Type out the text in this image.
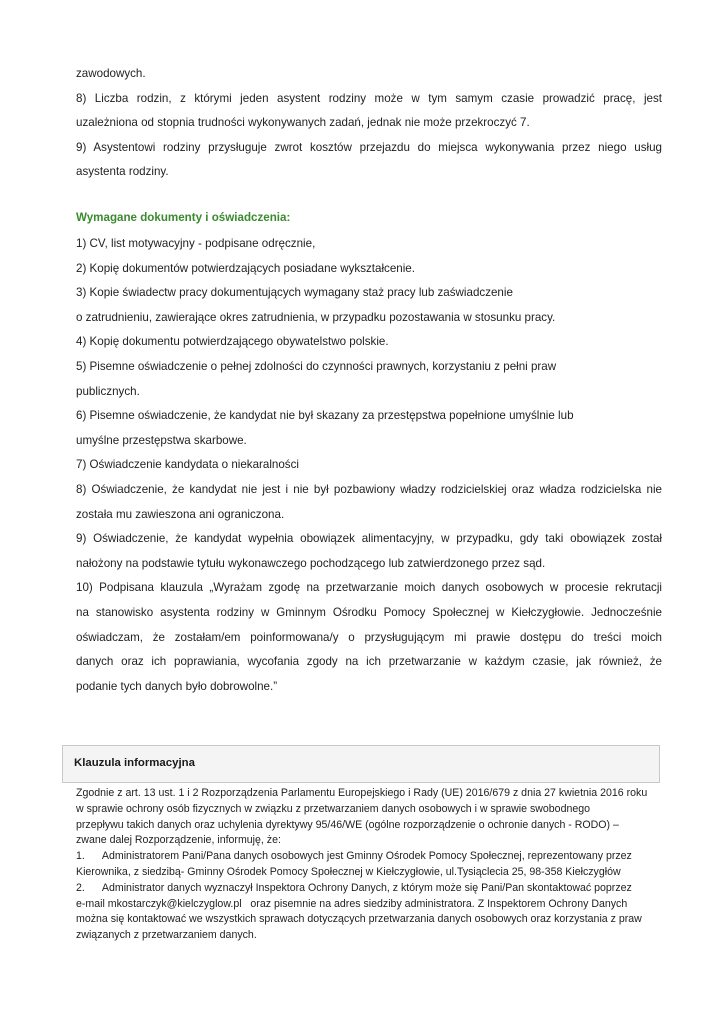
zawodowych.

8) Liczba rodzin, z którymi jeden asystent rodziny może w tym samym czasie prowadzić pracę, jest

uzależniona od stopnia trudności wykonywanych zadań, jednak nie może przekroczyć 7.

9) Asystentowi rodziny przysługuje zwrot kosztów przejazdu do miejsca wykonywania przez niego usług

asystenta rodziny.

Wymagane dokumenty i oświadczenia:

1) CV, list motywacyjny - podpisane odręcznie,

2) Kopię dokumentów potwierdzających posiadane wykształcenie.

3) Kopie świadectw pracy dokumentujących wymagany staż pracy lub zaświadczenie

o zatrudnieniu, zawierające okres zatrudnienia, w przypadku pozostawania w stosunku pracy.

4) Kopię dokumentu potwierdzającego obywatelstwo polskie.

5) Pisemne oświadczenie o pełnej zdolności do czynności prawnych, korzystaniu z pełni praw

publicznych.

6) Pisemne oświadczenie, że kandydat nie był skazany za przestępstwa popełnione umyślnie lub

umyślne przestępstwa skarbowe.

7) Oświadczenie kandydata o niekaralności

8) Oświadczenie, że kandydat nie jest i nie był pozbawiony władzy rodzicielskiej oraz władza rodzicielska nie

została mu zawieszona ani ograniczona.

9) Oświadczenie, że kandydat wypełnia obowiązek alimentacyjny, w przypadku, gdy taki obowiązek został

nałożony na podstawie tytułu wykonawczego pochodzącego lub zatwierdzonego przez sąd.

10) Podpisana klauzula „Wyrażam zgodę na przetwarzanie moich danych osobowych w procesie rekrutacji

na stanowisko asystenta rodziny w Gminnym Ośrodku Pomocy Społecznej w Kiełczygłowie. Jednocześnie

oświadczam, że zostałam/em poinformowana/y o przysługującym mi prawie dostępu do treści moich

danych oraz ich poprawiania, wycofania zgody na ich przetwarzanie w każdym czasie, jak również, że

podanie tych danych było dobrowolne.”

Klauzula informacyjna

Zgodnie z art. 13 ust. 1 i 2 Rozporządzenia Parlamentu Europejskiego i Rady (UE) 2016/679 z dnia 27 kwietnia 2016 roku

w sprawie ochrony osób fizycznych w związku z przetwarzaniem danych osobowych i w sprawie swobodnego

przepływu takich danych oraz uchylenia dyrektywy 95/46/WE (ogólne rozporządzenie o ochronie danych - RODO) –

zwane dalej Rozporządzenie, informuję, że:

1.      Administratorem Pani/Pana danych osobowych jest Gminny Ośrodek Pomocy Społecznej, reprezentowany przez

Kierownika, z siedzibą- Gminny Ośrodek Pomocy Społecznej w Kiełczygłowie, ul.Tysiąclecia 25, 98-358 Kiełczygłów

2.      Administrator danych wyznaczył Inspektora Ochrony Danych, z którym może się Pani/Pan skontaktować poprzez

e-mail mkostarczyk@kielczyglow.pl   oraz pisemnie na adres siedziby administratora. Z Inspektorem Ochrony Danych

można się kontaktować we wszystkich sprawach dotyczących przetwarzania danych osobowych oraz korzystania z praw

związanych z przetwarzaniem danych.
